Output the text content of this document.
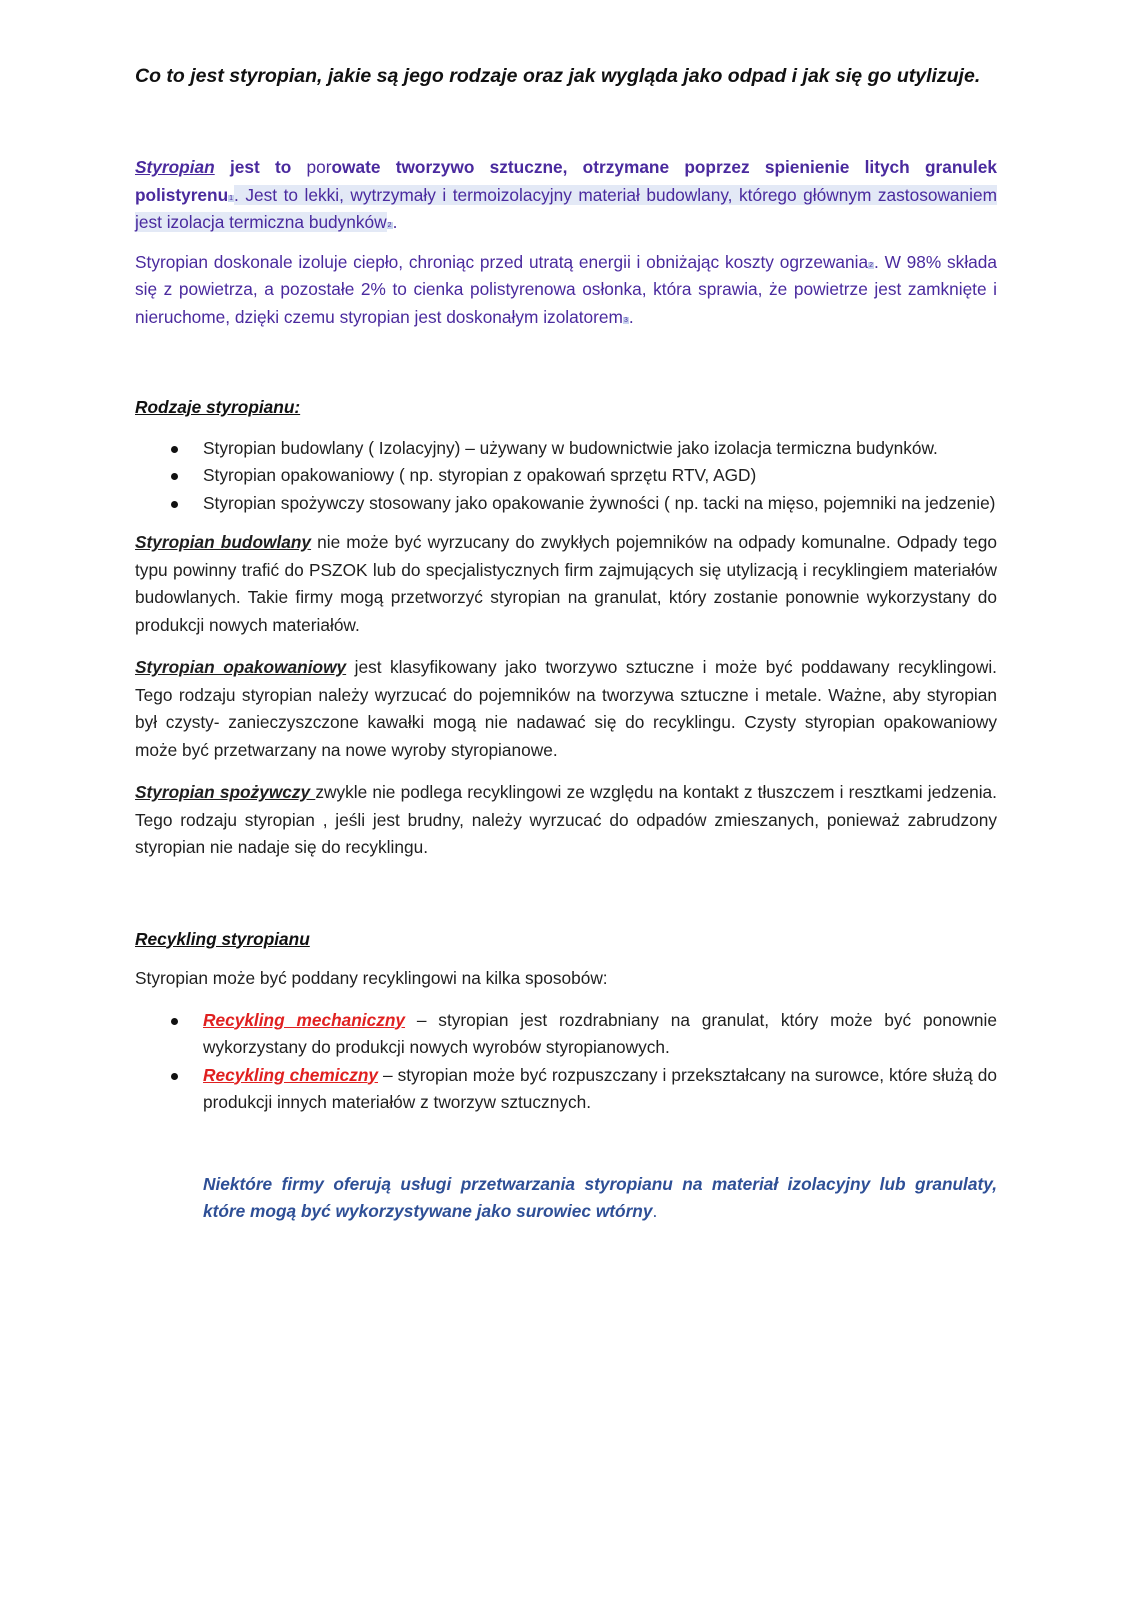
Co to jest styropian, jakie są jego rodzaje oraz jak wygląda jako odpad i jak się go utylizuje.

Styropian jest to porowate tworzywo sztuczne, otrzymane poprzez spienienie litych granulek polistyrenu$^1$. Jest to lekki, wytrzymały i termoizolacyjny materiał budowlany, którego głównym zastosowaniem jest izolacja termiczna budynków$^2$.

Styropian doskonale izoluje ciepło, chroniąc przed utratą energii i obniżając koszty ogrzewania$^2$. W 98% składa się z powietrza, a pozostałe 2% to cienka polistyrenowa osłonka, która sprawia, że powietrze jest zamknięte i nieruchome, dzięki czemu styropian jest doskonałym izolatorem$^3$.

Rodzaje styropianu:
Styropian budowlany ( Izolacyjny) – używany w budownictwie jako izolacja termiczna budynków.
Styropian opakowaniowy ( np. styropian z opakowań sprzętu RTV, AGD)
Styropian spożywczy stosowany jako opakowanie żywności ( np. tacki na mięso, pojemniki na jedzenie)

Styropian budowlany nie może być wyrzucany do zwykłych pojemników na odpady komunalne. Odpady tego typu powinny trafić do PSZOK lub do specjalistycznych firm zajmujących się utylizacją i recyklingiem materiałów budowlanych. Takie firmy mogą przetworzyć styropian na granulat, który zostanie ponownie wykorzystany do produkcji nowych materiałów.

Styropian opakowaniowy jest klasyfikowany jako tworzywo sztuczne i może być poddawany recyklingowi. Tego rodzaju styropian należy wyrzucać do pojemników na tworzywa sztuczne i metale. Ważne, aby styropian był czysty- zanieczyszczone kawałki mogą nie nadawać się do recyklingu. Czysty styropian opakowaniowy może być przetwarzany na nowe wyroby styropianowe.

Styropian spożywczy zwykle nie podlega recyklingowi ze względu na kontakt z tłuszczem i resztkami jedzenia. Tego rodzaju styropian , jeśli jest brudny, należy wyrzucać do odpadów zmieszanych, ponieważ zabrudzony styropian nie nadaje się do recyklingu.

Recykling styropianu

Styropian może być poddany recyklingowi na kilka sposobów:

Recykling mechaniczny – styropian jest rozdrabniany na granulat, który może być ponownie wykorzystany do produkcji nowych wyrobów styropianowych.
Recykling chemiczny – styropian może być rozpuszczany i przekształcany na surowce, które służą do produkcji innych materiałów z tworzyw sztucznych.

Niektóre firmy oferują usługi przetwarzania styropianu na materiał izolacyjny lub granulaty, które mogą być wykorzystywane jako surowiec wtórny.
